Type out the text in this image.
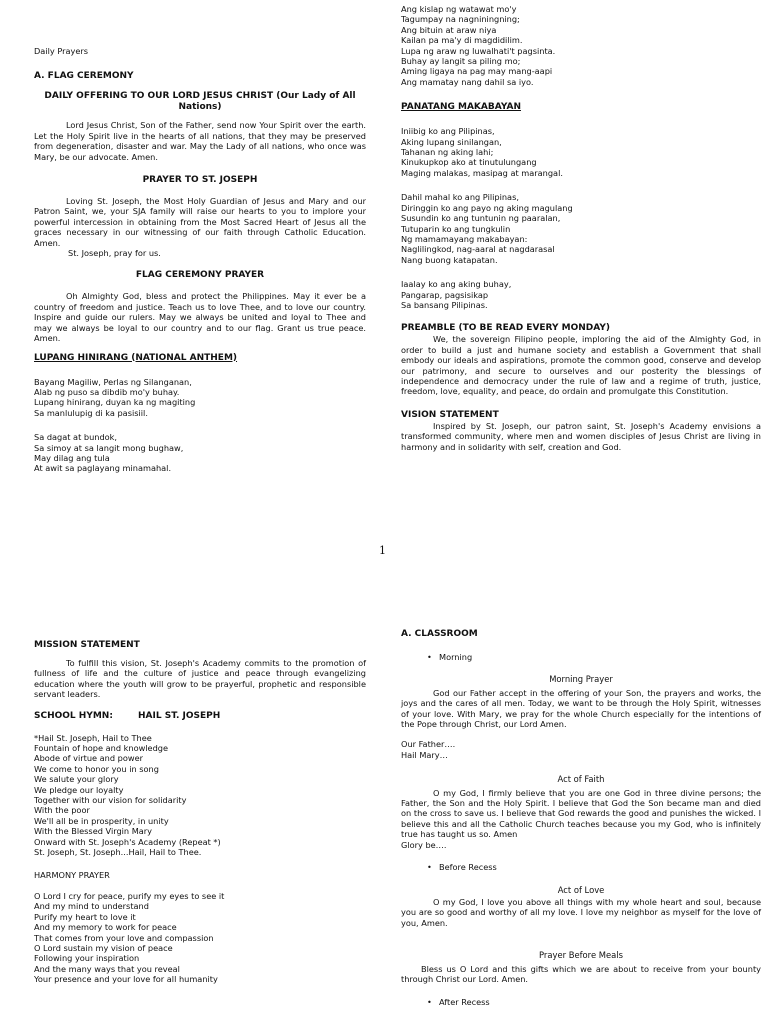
Daily Prayers

A. FLAG CEREMONY

DAILY OFFERING TO OUR LORD JESUS CHRIST (Our Lady of All Nations)

Lord Jesus Christ, Son of the Father, send now Your Spirit over the earth. Let the Holy Spirit live in the hearts of all nations, that they may be preserved from degeneration, disaster and war. May the Lady of all nations, who once was Mary, be our advocate. Amen.

PRAYER TO ST. JOSEPH

Loving St. Joseph, the Most Holy Guardian of Jesus and Mary and our Patron Saint, we, your SJA family will raise our hearts to you to implore your powerful intercession in obtaining from the Most Sacred Heart of Jesus all the graces necessary in our witnessing of our faith through Catholic Education. Amen.

St. Joseph, pray for us.

FLAG CEREMONY PRAYER

Oh Almighty God, bless and protect the Philippines. May it ever be a country of freedom and justice. Teach us to love Thee, and to love our country. Inspire and guide our rulers. May we always be united and loyal to Thee and may we always be loyal to our country and to our flag. Grant us true peace. Amen.

LUPANG HINIRANG (NATIONAL ANTHEM)

Bayang Magiliw, Perlas ng Silanganan,
Alab ng puso sa dibdib mo'y buhay.
Lupang hinirang, duyan ka ng magiting
Sa manlulupig di ka pasisiil.
Sa dagat at bundok,
Sa simoy at sa langit mong bughaw,
May dilag ang tula
At awit sa paglayang minamahal.
Ang kislap ng watawat mo'y
Tagumpay na nagniningning;
Ang bituin at araw niya
Kailan pa ma'y di magdidilim.
Lupa ng araw ng luwalhati't pagsinta.
Buhay ay langit sa piling mo;
Aming ligaya na pag may mang-aapi
Ang mamatay nang dahil sa iyo.

PANATANG MAKABAYAN

Iniibig ko ang Pilipinas,
Aking lupang sinilangan,
Tahanan ng aking lahi;
Kinukupkop ako at tinutulungang
Maging malakas, masipag at marangal.
Dahil mahal ko ang Pilipinas,
Diringgin ko ang payo ng aking magulang
Susundin ko ang tuntunin ng paaralan,
Tutuparin ko ang tungkulin
Ng mamamayang makabayan:
Naglilingkod, nag-aaral at nagdarasal
Nang buong katapatan.
Iaalay ko ang aking buhay,
Pangarap, pagsisikap
Sa bansang Pilipinas.

PREAMBLE (TO BE READ EVERY MONDAY)

We, the sovereign Filipino people, imploring the aid of the Almighty God, in order to build a just and humane society and establish a Government that shall embody our ideals and aspirations, promote the common good, conserve and develop our patrimony, and secure to ourselves and our posterity the blessings of independence and democracy under the rule of law and a regime of truth, justice, freedom, love, equality, and peace, do ordain and promulgate this Constitution.

VISION STATEMENT

Inspired by St. Joseph, our patron saint, St. Joseph's Academy envisions a transformed community, where men and women disciples of Jesus Christ are living in harmony and in solidarity with self, creation and God.

1

MISSION STATEMENT

To fulfill this vision, St. Joseph's Academy commits to the promotion of fullness of life and the culture of justice and peace through evangelizing education where the youth will grow to be prayerful, prophetic and responsible servant leaders.

SCHOOL HYMN:        HAIL ST. JOSEPH

*Hail St. Joseph, Hail to Thee
Fountain of hope and knowledge
Abode of virtue and power
We come to honor you in song
We salute your glory
We pledge our loyalty
Together with our vision for solidarity
With the poor
We'll all be in prosperity, in unity
With the Blessed Virgin Mary
Onward with St. Joseph's Academy (Repeat *)
St. Joseph, St. Joseph...Hail, Hail to Thee.

HARMONY PRAYER

O Lord I cry for peace, purify my eyes to see it
And my mind to understand
Purify my heart to love it
And my memory to work for peace
That comes from your love and compassion
O Lord sustain my vision of peace
Following your inspiration
And the many ways that you reveal
Your presence and your love for all humanity

A. CLASSROOM

• Morning

Morning Prayer

God our Father accept in the offering of your Son, the prayers and works, the joys and the cares of all men. Today, we want to be through the Holy Spirit, witnesses of your love. With Mary, we pray for the whole Church especially for the intentions of the Pope through Christ, our Lord Amen.

Our Father….

Hail Mary…

Act of Faith

O my God, I firmly believe that you are one God in three divine persons; the Father, the Son and the Holy Spirit. I believe that God the Son became man and died on the cross to save us. I believe that God rewards the good and punishes the wicked. I believe this and all the Catholic Church teaches because you my God, who is infinitely true has taught us so. Amen

Glory be….

• Before Recess

Act of Love

O my God, I love you above all things with my whole heart and soul, because you are so good and worthy of all my love. I love my neighbor as myself for the love of you, Amen.

Prayer Before Meals

Bless us O Lord and this gifts which we are about to receive from your bounty through Christ our Lord. Amen.

• After Recess
